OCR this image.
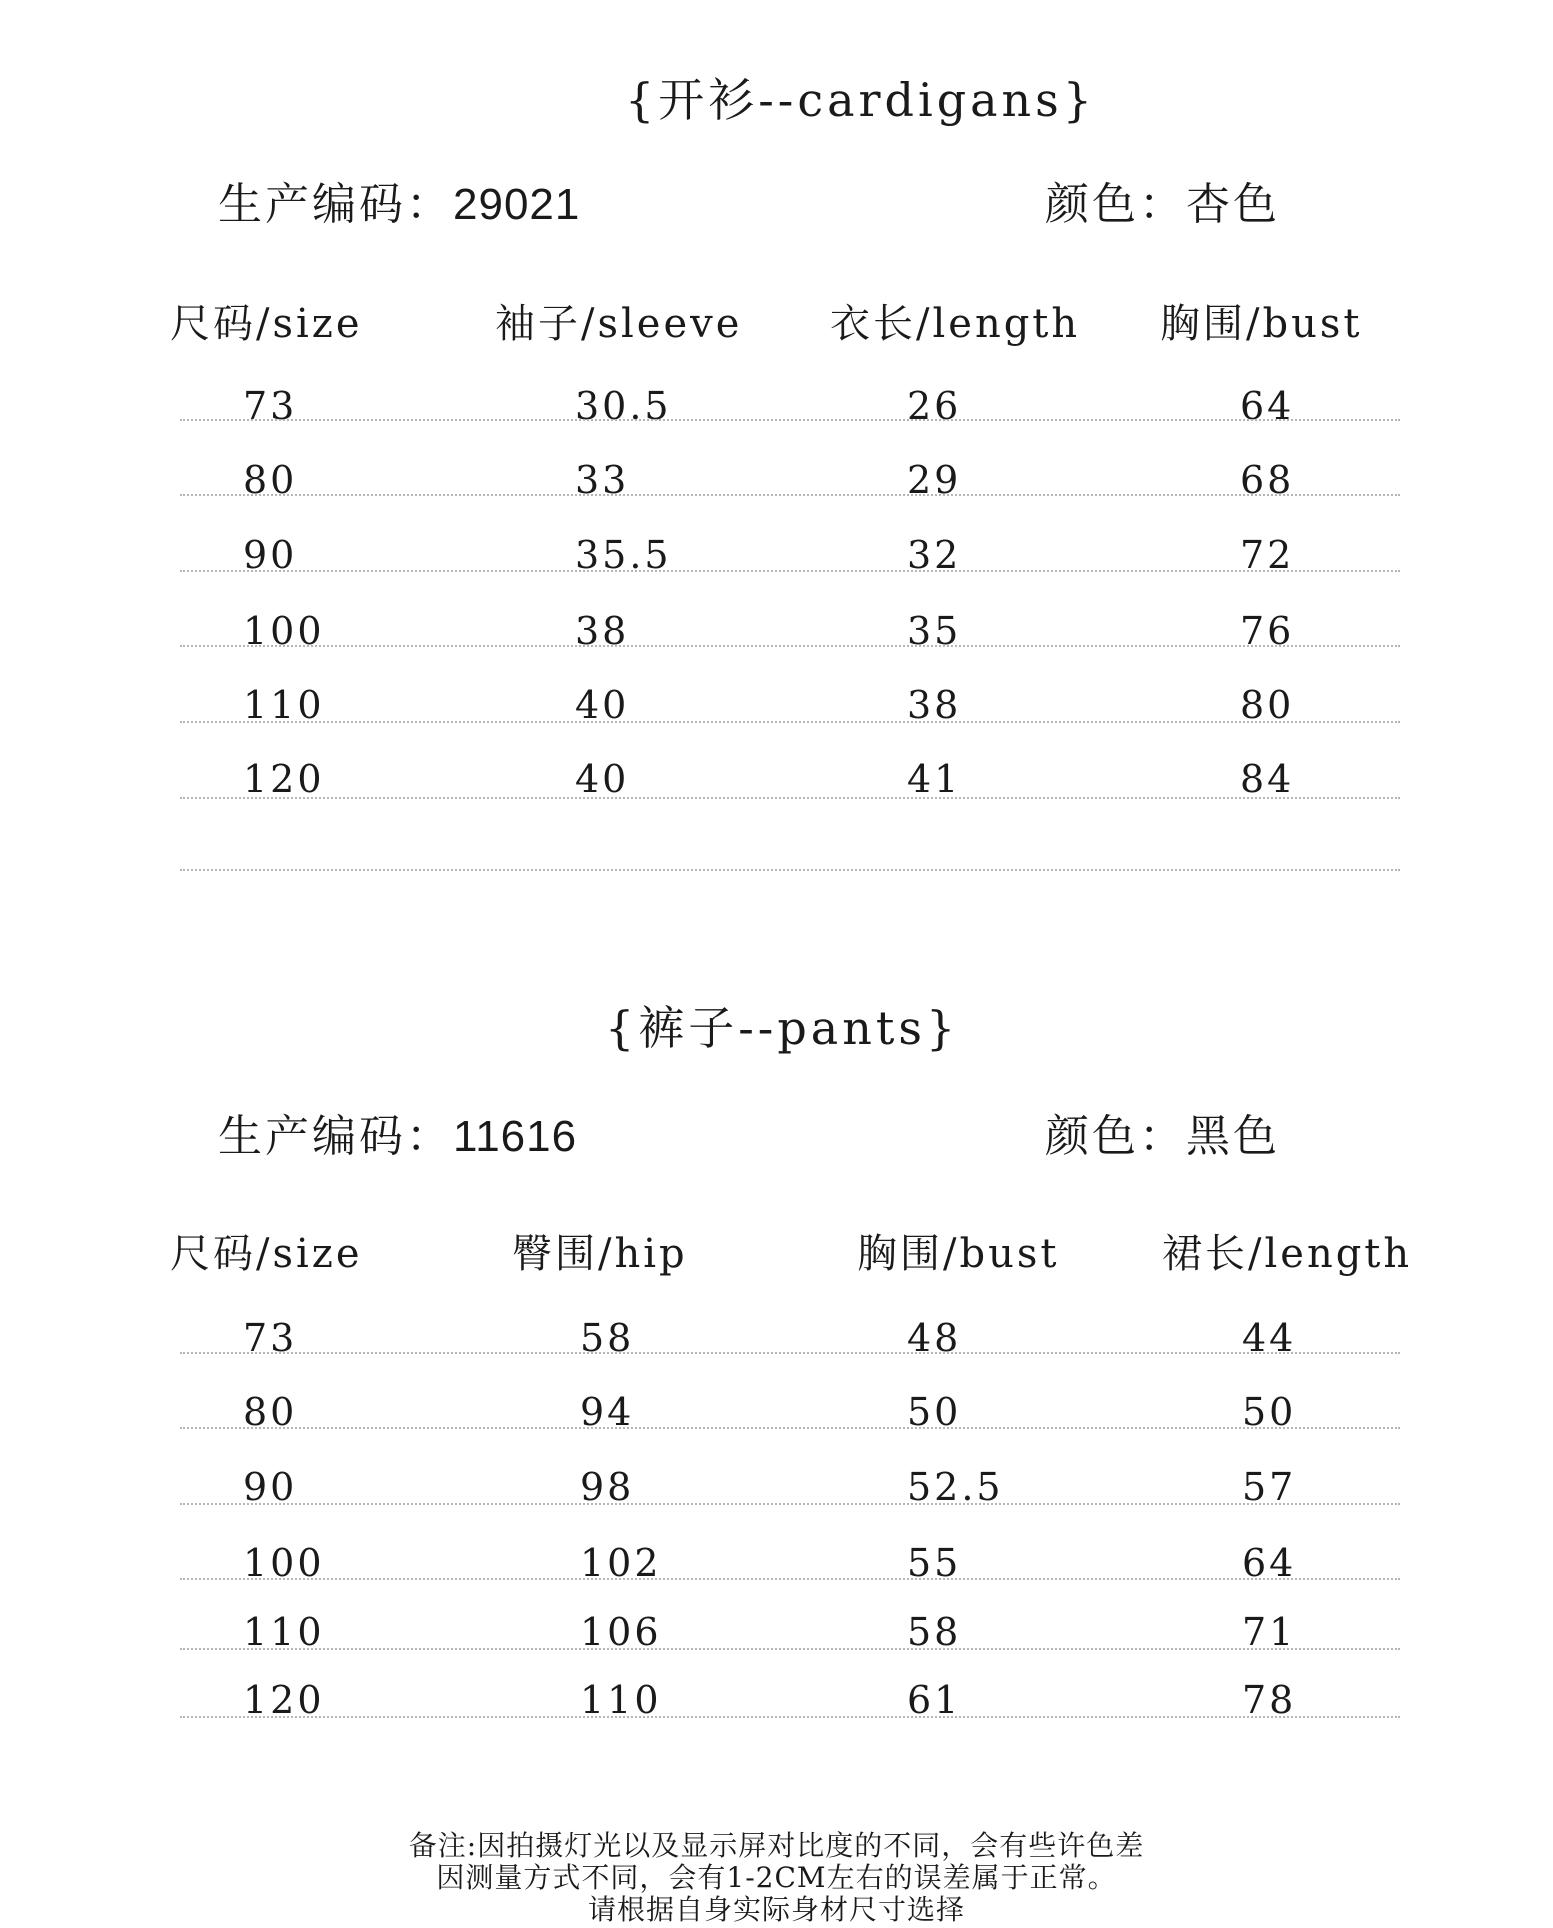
{开衫--cardigans}
生产编码：29021	颜色：杏色
尺码/size	袖子/sleeve 衣长/length 胸围/bust
73	30.5	26	64
80	33	29	68
90	35.5	32	72
100	38	35	76
110	40	38	80
120	40	41	84
{裤子--pants}
生产编码：11616	颜色：黑色
尺码/size	臀围/hip	胸围/bust	裙长/length
73	58	48	44
80	94	50	50
90	98	52.5	57
100	102	55	64
110	106	58	71
120	110	61	78
备注:因拍摄灯光以及显示屏对比度的不同，会有些许色差
因测量方式不同，会有1-2CM左右的误差属于正常。
请根据自身实际身材尺寸选择
